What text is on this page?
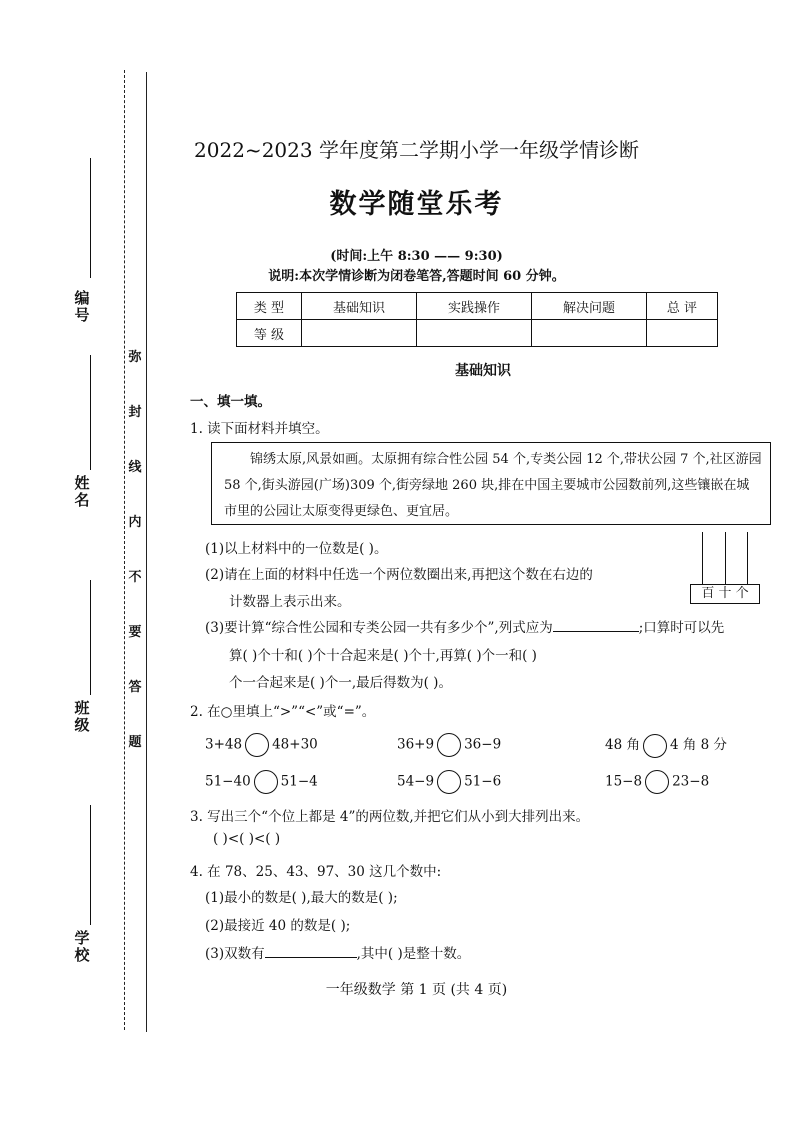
编号
姓 名
班 级
学 校
弥封线内不要答题
2022~2023 学年度第二学期小学一年级学情诊断
数学随堂乐考
(时间:上午 8:30 —— 9:30)
说明:本次学情诊断为闭卷笔答,答题时间 60 分钟。
类 型	基础知识	实践操作	解决问题	总 评
等 级				
基础知识
一、填一填。
1. 读下面材料并填空。
锦绣太原,风景如画。太原拥有综合性公园 54 个,专类公园 12 个,带状公园 7 个,社区游园 58 个,街头游园(广场)309 个,街旁绿地 260 块,排在中国主要城市公园数前列,这些镶嵌在城市里的公园让太原变得更绿色、更宜居。
(1)以上材料中的一位数是( )。
(2)请在上面的材料中任选一个两位数圈出来,再把这个数在右边的
计数器上表示出来。
百 十 个
(3)要计算“综合性公园和专类公园一共有多少个”,列式应为	;口算时可以先
算( )个十和( )个十合起来是( )个十,再算( )个一和( )
个一合起来是( )个一,最后得数为( )。
2. 在○里填上“>”“<”或“=”。
3+48 48+30	36+9 36−9	48 角 4 角 8 分
51−40 51−4	54−9 51−6	15−8 23−8
3. 写出三个“个位上都是 4”的两位数,并把它们从小到大排列出来。
( )<( )<( )
4. 在 78、25、43、97、30 这几个数中:
(1)最小的数是( ),最大的数是( );
(2)最接近 40 的数是( );
(3)双数有	,其中( )是整十数。
一年级数学 第 1 页 (共 4 页)
